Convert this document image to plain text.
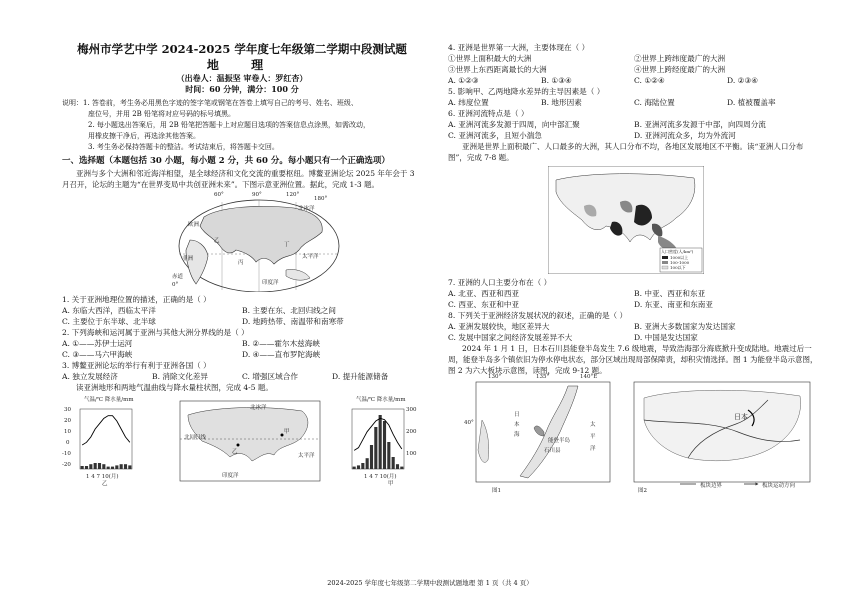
梅州市学艺中学 2024-2025 学年度七年级第二学期中段测试题
地 理
（出卷人：温振坚 审卷人：罗红杏）
时间：60 分钟，满分：100 分
说明：1. 答卷前，考生务必用黑色字迹的签字笔或钢笔在答卷上填写自己的考号、姓名、班级、
座位号，并用 2B 铅笔将对应号码的标号填黑。
2. 每小题选出答案后，用 2B 铅笔把答题卡上对应题目选项的答案信息点涂黑，如需改动，
用橡皮擦干净后，再选涂其他答案。
3. 考生务必保持答题卡的整洁。考试结束后，将答题卡交回。
一、选择题（本题包括 30 小题，每小题 2 分，共 60 分。每小题只有一个正确选项）
亚洲与多个大洲和邻近海洋相望，是全球经济和文化交流的重要枢纽。博鳌亚洲论坛 2025 年年会于 3 月召开，论坛的主题为“在世界变局中共创亚洲未来”。下图示意亚洲位置。据此，完成 1-3 题。
60°	90°	120°
180°
北冰洋
欧洲
非洲	太平洋
印度洋
乙
丙
丁
赤道
0°
1. 关于亚洲地理位置的描述，正确的是（ ）
A. 东临大西洋，西临太平洋	B. 主要在东、北回归线之间
C. 主要位于东半球、北半球	D. 地跨热带、南温带和南寒带
2. 下列海峡和运河属于亚洲与其他大洲分界线的是（ ）
A. ①——苏伊士运河	B. ②——霍尔木兹海峡
C. ③——马六甲海峡	D. ④——直布罗陀海峡
3. 博鳌亚洲论坛的举行有利于亚洲各国（ ）
A. 独立发展经济	B. 消除文化差异	C. 增强区域合作	D. 提升能源储备
读亚洲地形和两地气温曲线与降水量柱状图，完成 4-5 题。
气温/℃ 降水量/mm	气温/℃ 降水量/mm
乙	甲
1 4 7 10(月)	1 4 7 10(月)
30
20
10
0
-10
-20
300
200
100
北冰洋
北回归线
太平洋
印度洋
甲
乙
4. 亚洲是世界第一大洲，主要体现在（ ）
①世界上面积最大的大洲	②世界上跨纬度最广的大洲
③世界上东西距离最长的大洲	④世界上跨经度最广的大洲
A. ①②③	B. ①③④	C. ①②④	D. ②③④
5. 影响甲、乙两地降水差异的主导因素是（ ）
A. 纬度位置	B. 地形因素	C. 海陆位置	D. 植被覆盖率
6. 亚洲河流特点是（ ）
A. 亚洲河流多发源于四周，向中部汇聚	B. 亚洲河流多发源于中部，向四周分流
C. 亚洲河流多，且短小湍急	D. 亚洲河流众多，均为外流河
亚洲是世界上面积最广、人口最多的大洲，其人口分布不均，各地区发展地区不平衡。读“亚洲人口分布图”，完成 7-8 题。
人口密度(人/km²)
1000以上
100-1000
100以下
7. 亚洲的人口主要分布在（ ）
A. 北亚、西亚和西亚	B. 中亚、西亚和东亚
C. 西亚、东亚和中亚	D. 东亚、南亚和东南亚
8. 下列关于亚洲经济发展状况的叙述，正确的是（ ）
A. 亚洲发展较快，地区差异大	B. 亚洲大多数国家为发达国家
C. 发展中国家之间经济发展差异不大	D. 中国是发达国家
2024 年 1 月 1 日，日本石川县能登半岛发生 7.6 级地震，导致浩海部分海底掀升变成陆地。地震过后一周，能登半岛多个镇依旧为停水停电状态，部分区域出现局部保障责，却积灾情选择。图 1 为能登半岛示意图，图 2 为六大板块示意图，读图，完成 9-12 题。
130°	135°	140°E
40°
日
本
海
太
平
洋
能登半岛
石川县
图1
日本
图2
板块边界	板块运动方向
2024-2025 学年度七年级第二学期中段测试题地理 第 1 页（共 4 页）
